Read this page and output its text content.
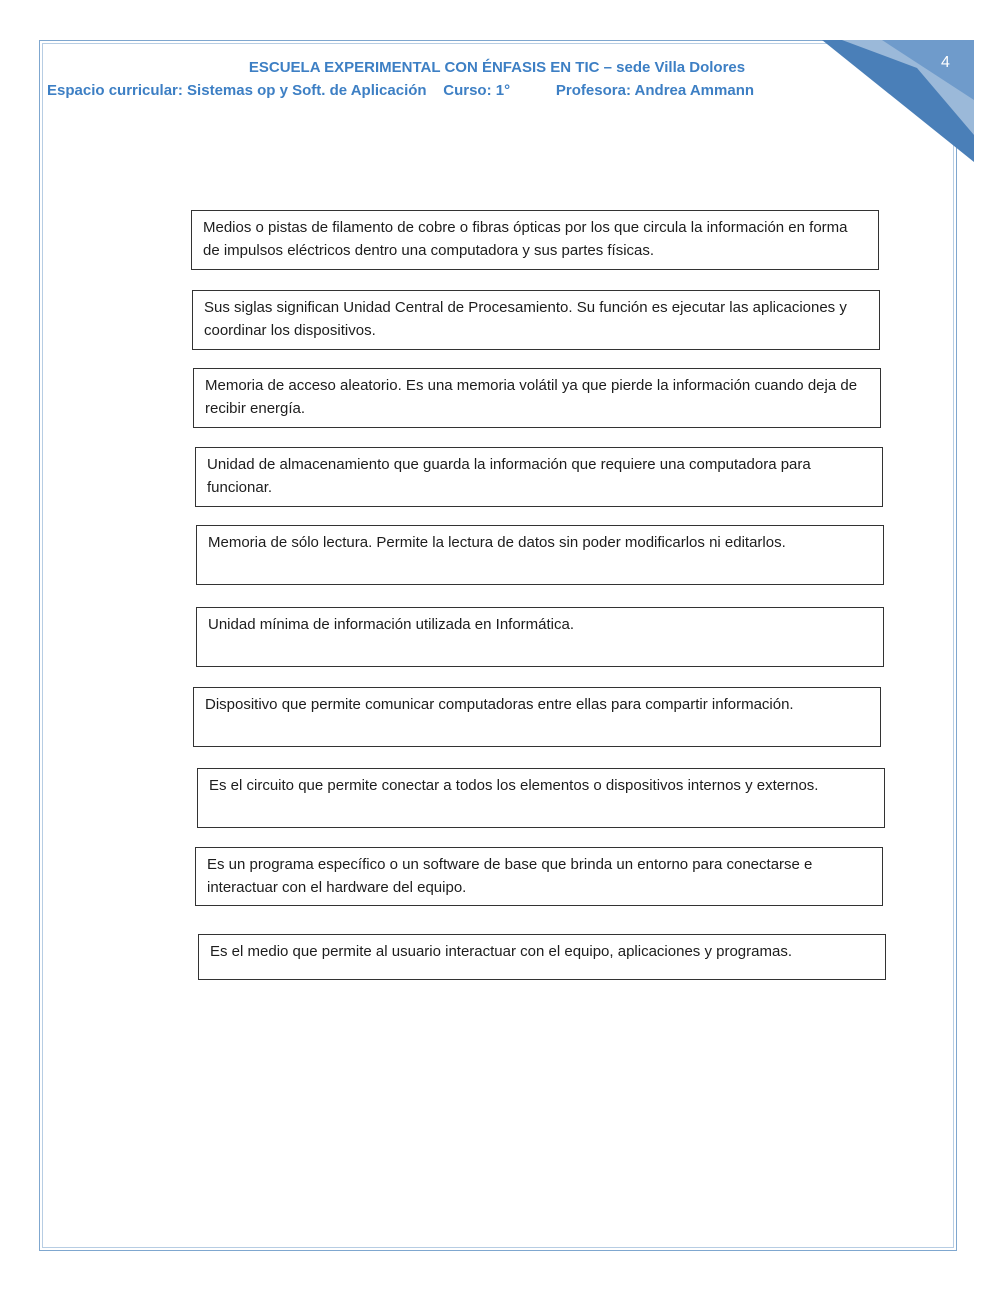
4
ESCUELA EXPERIMENTAL CON ÉNFASIS EN TIC – sede Villa Dolores
Espacio curricular: Sistemas op y Soft. de Aplicación Curso: 1°	Profesora: Andrea Ammann
Medios o pistas de filamento de cobre o fibras ópticas por los que circula la información en forma de impulsos eléctricos dentro una computadora y sus partes físicas.
Sus siglas significan Unidad Central de Procesamiento. Su función es ejecutar las aplicaciones y coordinar los dispositivos.
Memoria de acceso aleatorio. Es una memoria volátil ya que pierde la información cuando deja de recibir energía.
Unidad de almacenamiento que guarda la información que requiere una computadora para funcionar.
Memoria de sólo lectura. Permite la lectura de datos sin poder modificarlos ni editarlos.
Unidad mínima de información utilizada en Informática.
Dispositivo que permite comunicar computadoras entre ellas para compartir información.
Es el circuito que permite conectar a todos los elementos o dispositivos internos y externos.
Es un programa específico o un software de base que brinda un entorno para conectarse e interactuar con el hardware del equipo.
Es el medio que permite al usuario interactuar con el equipo, aplicaciones y programas.
